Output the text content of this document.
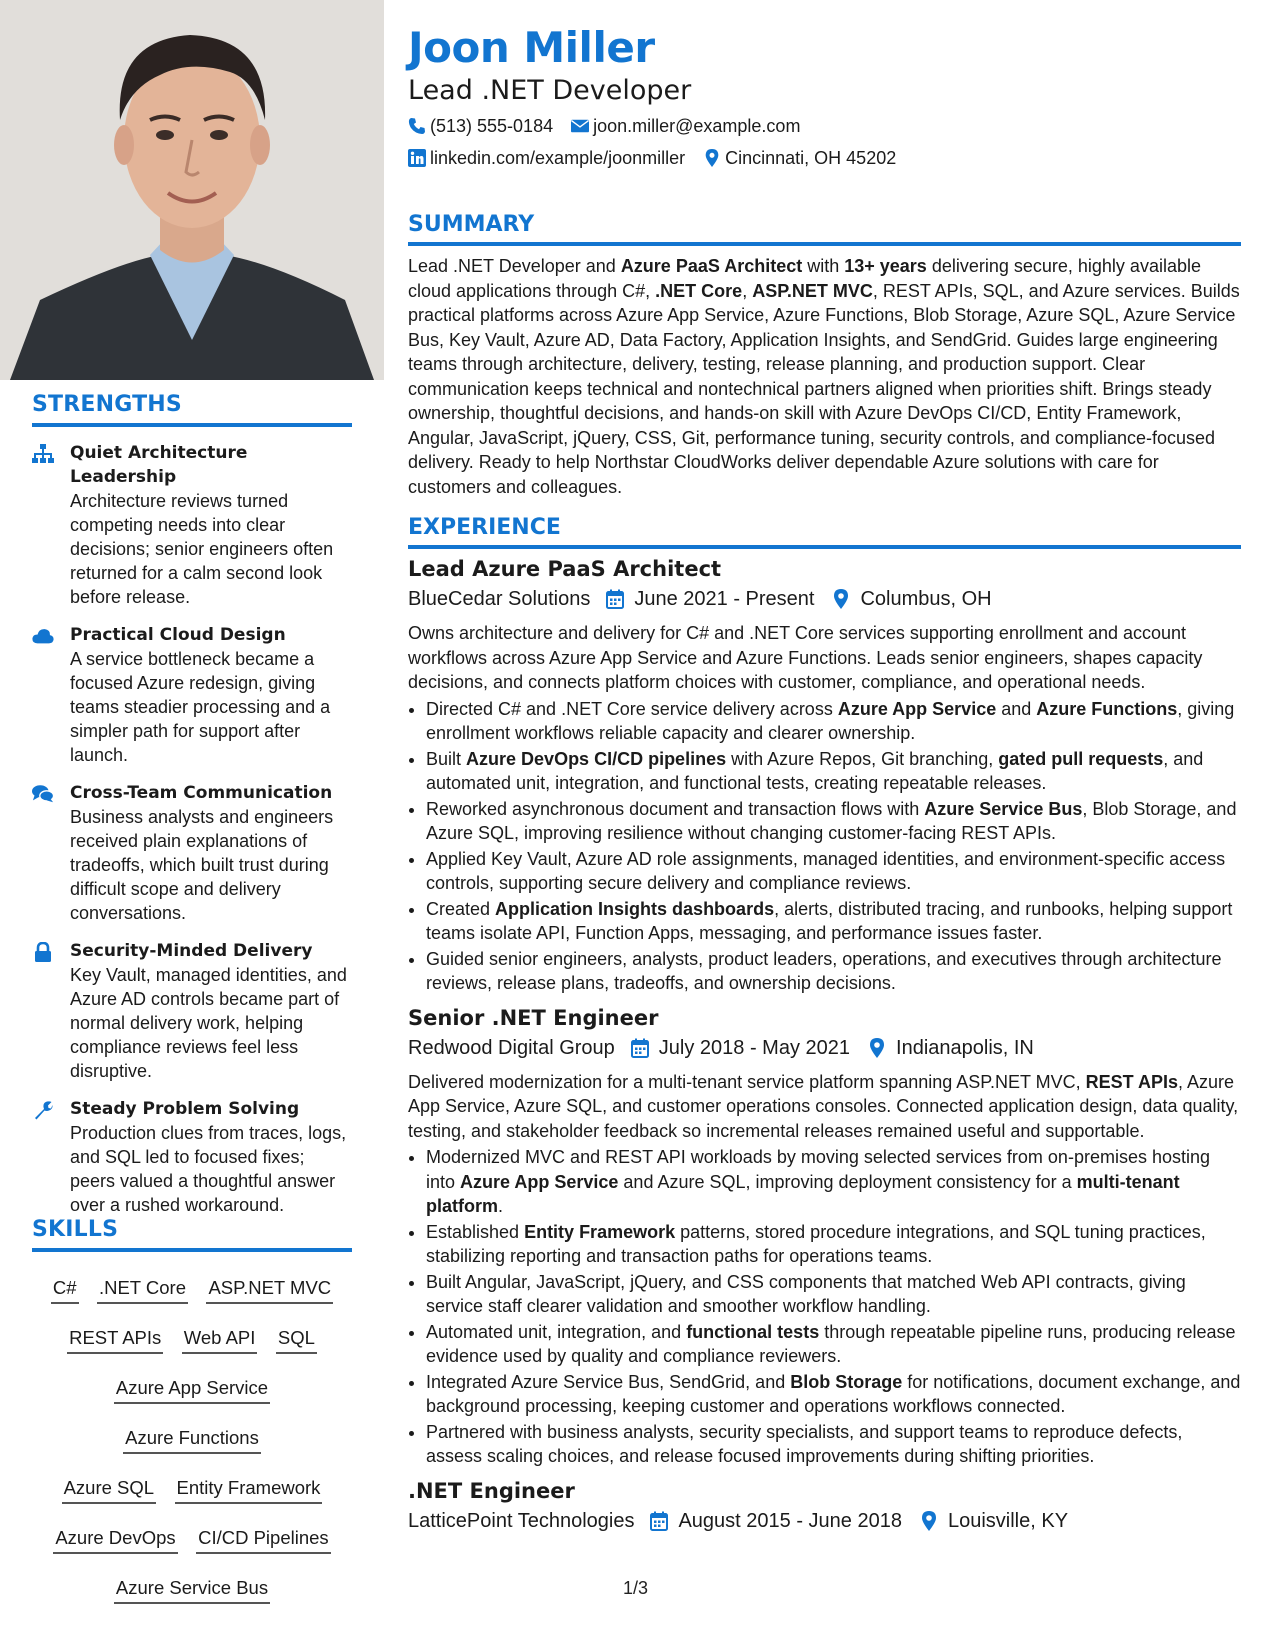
STRENGTHS
Quiet Architecture Leadership
Architecture reviews turned competing needs into clear decisions; senior engineers often returned for a calm second look before release.
Practical Cloud Design
A service bottleneck became a focused Azure redesign, giving teams steadier processing and a simpler path for support after launch.
Cross-Team Communication
Business analysts and engineers received plain explanations of tradeoffs, which built trust during difficult scope and delivery conversations.
Security-Minded Delivery
Key Vault, managed identities, and Azure AD controls became part of normal delivery work, helping compliance reviews feel less disruptive.
Steady Problem Solving
Production clues from traces, logs, and SQL led to focused fixes; peers valued a thoughtful answer over a rushed workaround.
SKILLS
C# .NET Core ASP.NET MVC
REST APIs Web API SQL
Azure App Service Azure Functions
Azure SQL Entity Framework
Azure DevOps CI/CD Pipelines
Azure Service Bus
Joon Miller
Lead .NET Developer
(513) 555-0184 joon.miller@example.com
linkedin.com/example/joonmiller Cincinnati, OH 45202
SUMMARY

Lead .NET Developer and Azure PaaS Architect with 13+ years delivering secure, highly available cloud applications through C#, .NET Core, ASP.NET MVC, REST APIs, SQL, and Azure services. Builds practical platforms across Azure App Service, Azure Functions, Blob Storage, Azure SQL, Azure Service Bus, Key Vault, Azure AD, Data Factory, Application Insights, and SendGrid. Guides large engineering teams through architecture, delivery, testing, release planning, and production support. Clear communication keeps technical and nontechnical partners aligned when priorities shift. Brings steady ownership, thoughtful decisions, and hands-on skill with Azure DevOps CI/CD, Entity Framework, Angular, JavaScript, jQuery, CSS, Git, performance tuning, security controls, and compliance-focused delivery. Ready to help Northstar CloudWorks deliver dependable Azure solutions with care for customers and colleagues.

EXPERIENCE
Lead Azure PaaS Architect
BlueCedar Solutions June 2021 - Present Columbus, OH

Owns architecture and delivery for C# and .NET Core services supporting enrollment and account workflows across Azure App Service and Azure Functions. Leads senior engineers, shapes capacity decisions, and connects platform choices with customer, compliance, and operational needs.

• Directed C# and .NET Core service delivery across Azure App Service and Azure Functions, giving enrollment workflows reliable capacity and clearer ownership.
• Built Azure DevOps CI/CD pipelines with Azure Repos, Git branching, gated pull requests, and automated unit, integration, and functional tests, creating repeatable releases.
• Reworked asynchronous document and transaction flows with Azure Service Bus, Blob Storage, and Azure SQL, improving resilience without changing customer-facing REST APIs.
• Applied Key Vault, Azure AD role assignments, managed identities, and environment-specific access controls, supporting secure delivery and compliance reviews.
• Created Application Insights dashboards, alerts, distributed tracing, and runbooks, helping support teams isolate API, Function Apps, messaging, and performance issues faster.
• Guided senior engineers, analysts, product leaders, operations, and executives through architecture reviews, release plans, tradeoffs, and ownership decisions.
Senior .NET Engineer
Redwood Digital Group July 2018 - May 2021 Indianapolis, IN

Delivered modernization for a multi-tenant service platform spanning ASP.NET MVC, REST APIs, Azure App Service, Azure SQL, and customer operations consoles. Connected application design, data quality, testing, and stakeholder feedback so incremental releases remained useful and supportable.

• Modernized MVC and REST API workloads by moving selected services from on-premises hosting into Azure App Service and Azure SQL, improving deployment consistency for a multi-tenant platform.
• Established Entity Framework patterns, stored procedure integrations, and SQL tuning practices, stabilizing reporting and transaction paths for operations teams.
• Built Angular, JavaScript, jQuery, and CSS components that matched Web API contracts, giving service staff clearer validation and smoother workflow handling.
• Automated unit, integration, and functional tests through repeatable pipeline runs, producing release evidence used by quality and compliance reviewers.
• Integrated Azure Service Bus, SendGrid, and Blob Storage for notifications, document exchange, and background processing, keeping customer and operations workflows connected.
• Partnered with business analysts, security specialists, and support teams to reproduce defects, assess scaling choices, and release focused improvements during shifting priorities.
.NET Engineer
LatticePoint Technologies August 2015 - June 2018 Louisville, KY
1/3
